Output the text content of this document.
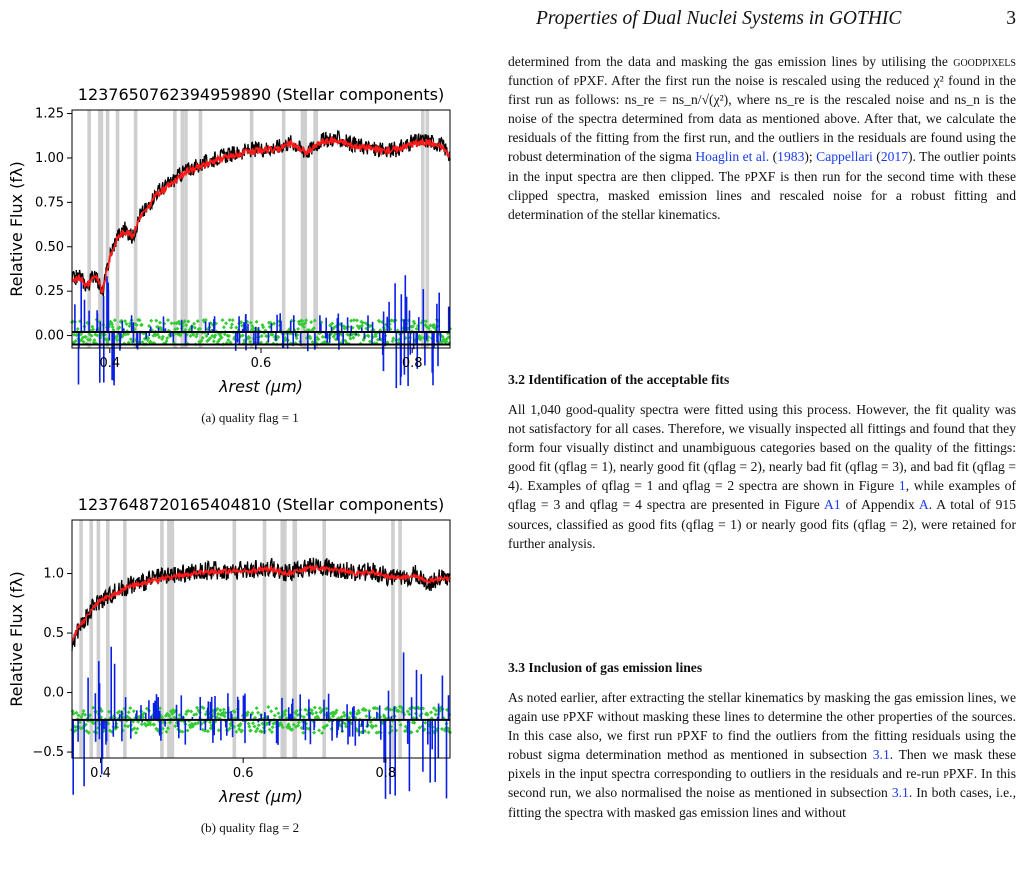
Properties of Dual Nuclei Systems in GOTHIC	3
1237650762394959890 (Stellar components)
0.4	0.6	0.8
0.00
0.25
0.50
0.75
1.00
1.25
λrest (μm)
Relative Flux (fλ)
(a) quality flag = 1
1237648720165404810 (Stellar components)
0.4	0.6	0.8
−0.5
0.0
0.5
1.0
λrest (μm)
Relative Flux (fλ)
(b) quality flag = 2

determined from the data and masking the gas emission lines by utilising the goodpixels function of pPXF. After the first run the noise is rescaled using the reduced χ² found in the first run as follows: ns_re = ns_n/√(χ²), where ns_re is the rescaled noise and ns_n is the noise of the spectra determined from data as mentioned above. After that, we calculate the residuals of the fitting from the first run, and the outliers in the residuals are found using the robust determination of the sigma Hoaglin et al. (1983); Cappellari (2017). The outlier points in the input spectra are then clipped. The pPXF is then run for the second time with these clipped spectra, masked emission lines and rescaled noise for a robust fitting and determination of the stellar kinematics.

3.2 Identification of the acceptable fits

All 1,040 good-quality spectra were fitted using this process. However, the fit quality was not satisfactory for all cases. Therefore, we visually inspected all fittings and found that they form four visually distinct and unambiguous categories based on the quality of the fittings: good fit (qflag = 1), nearly good fit (qflag = 2), nearly bad fit (qflag = 3), and bad fit (qflag = 4). Examples of qflag = 1 and qflag = 2 spectra are shown in Figure 1, while examples of qflag = 3 and qflag = 4 spectra are presented in Figure A1 of Appendix A. A total of 915 sources, classified as good fits (qflag = 1) or nearly good fits (qflag = 2), were retained for further analysis.

3.3 Inclusion of gas emission lines

As noted earlier, after extracting the stellar kinematics by masking the gas emission lines, we again use pPXF without masking these lines to determine the other properties of the sources. In this case also, we first run pPXF to find the outliers from the fitting residuals using the robust sigma determination method as mentioned in subsection 3.1. Then we mask these pixels in the input spectra corresponding to outliers in the residuals and re-run pPXF. In this second run, we also normalised the noise as mentioned in subsection 3.1. In both cases, i.e., fitting the spectra with masked gas emission lines and without
